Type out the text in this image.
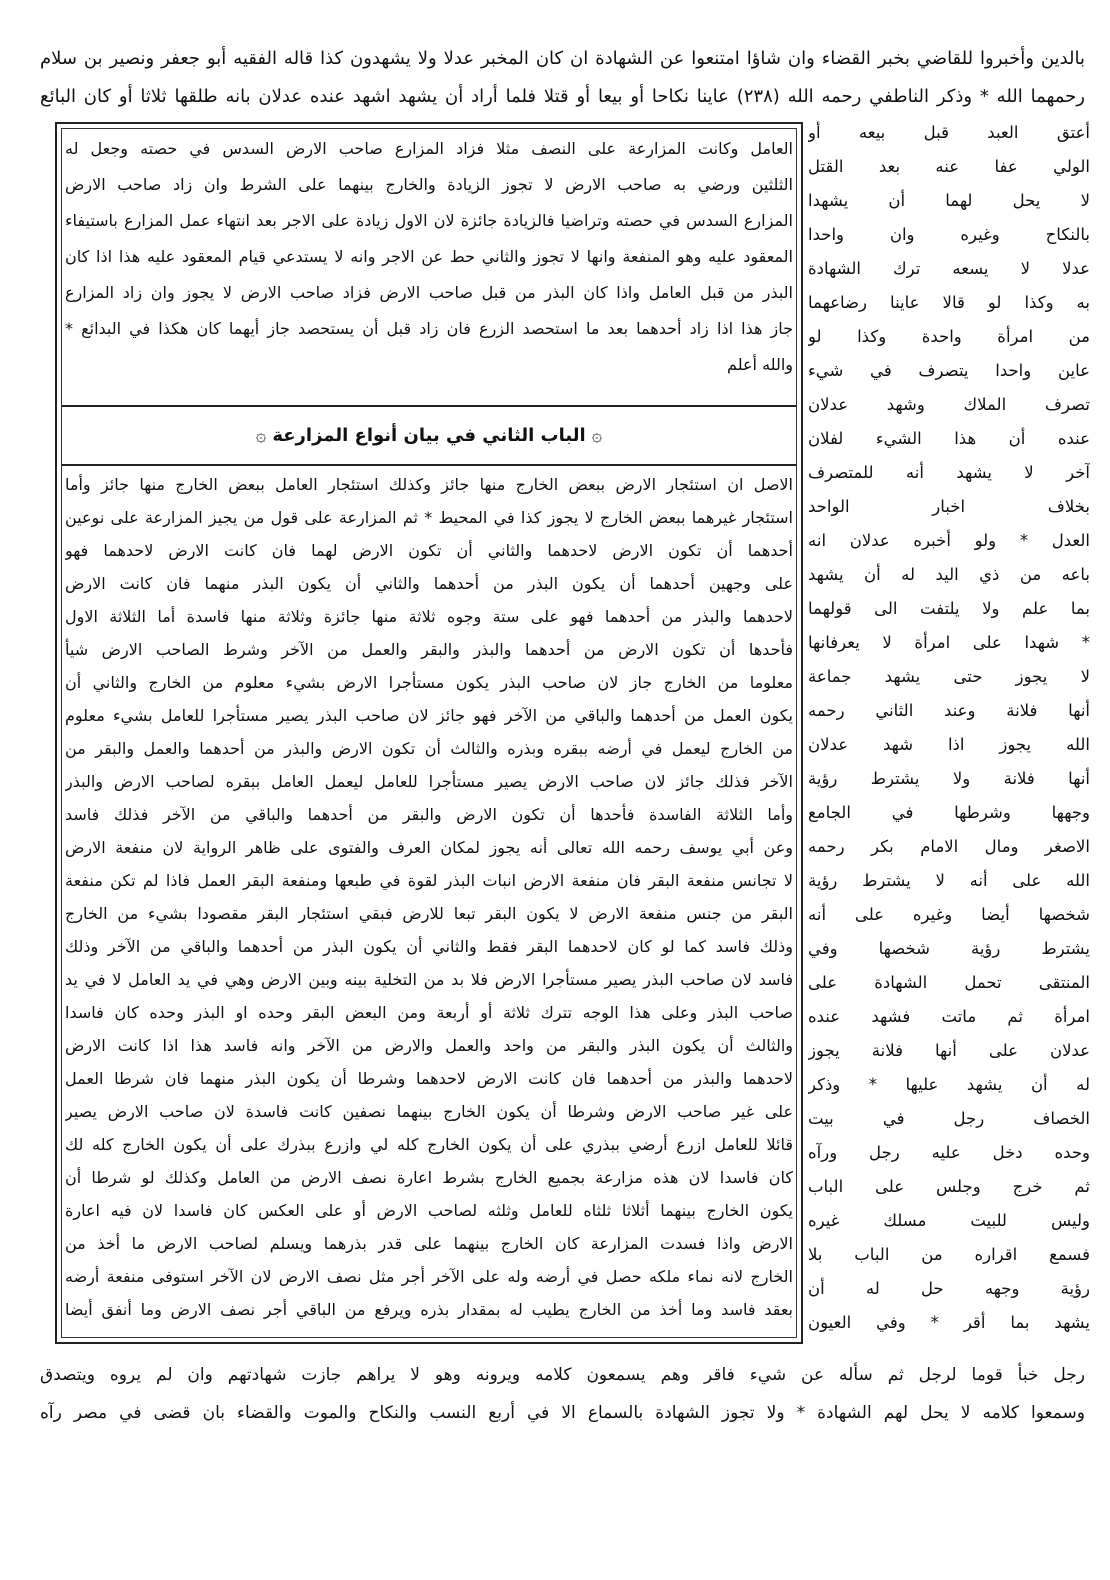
بالدين وأخبروا للقاضي بخبر القضاء وان شاؤا امتنعوا عن الشهادة ان كان المخبر عدلا ولا يشهدون كذا قاله الفقيه أبو جعفر ونصير بن سلام
رحمهما الله * وذكر الناطفي رحمه الله (٢٣٨) عاينا نكاحا أو بيعا أو قتلا فلما أراد أن يشهد اشهد عنده عدلان بانه طلقها ثلاثا أو كان البائع
العامل وكانت المزارعة على النصف مثلا فزاد المزارع صاحب الارض السدس في حصته وجعل له
الثلثين ورضي به صاحب الارض لا تجوز الزيادة والخارج بينهما على الشرط وان زاد صاحب الارض
المزارع السدس في حصته وتراضيا فالزيادة جائزة لان الاول زيادة على الاجر بعد انتهاء عمل المزارع باستيفاء
المعقود عليه وهو المنفعة وانها لا تجوز والثاني حط عن الاجر وانه لا يستدعي قيام المعقود عليه هذا اذا كان
البذر من قبل العامل واذا كان البذر من قبل صاحب الارض فزاد صاحب الارض لا يجوز وان زاد المزارع
جاز هذا اذا زاد أحدهما بعد ما استحصد الزرع فان زاد قبل أن يستحصد جاز أيهما كان هكذا في البدائع *
والله أعلم
۞الباب الثاني في بيان أنواع المزارعة۞
الاصل ان استئجار الارض ببعض الخارج منها جائز وكذلك استئجار العامل ببعض الخارج منها جائز وأما
استئجار غيرهما ببعض الخارج لا يجوز كذا في المحيط * ثم المزارعة على قول من يجيز المزارعة على نوعين
أحدهما أن تكون الارض لاحدهما والثاني أن تكون الارض لهما فان كانت الارض لاحدهما فهو
على وجهين أحدهما أن يكون البذر من أحدهما والثاني أن يكون البذر منهما فان كانت الارض
لاحدهما والبذر من أحدهما فهو على ستة وجوه ثلاثة منها جائزة وثلاثة منها فاسدة أما الثلاثة الاول
فأحدها أن تكون الارض من أحدهما والبذر والبقر والعمل من الآخر وشرط الصاحب الارض شيأ
معلوما من الخارج جاز لان صاحب البذر يكون مستأجرا الارض بشيء معلوم من الخارج والثاني أن
يكون العمل من أحدهما والباقي من الآخر فهو جائز لان صاحب البذر يصير مستأجرا للعامل بشيء معلوم
من الخارج ليعمل في أرضه ببقره وبذره والثالث أن تكون الارض والبذر من أحدهما والعمل والبقر من
الآخر فذلك جائز لان صاحب الارض يصير مستأجرا للعامل ليعمل العامل ببقره لصاحب الارض والبذر
وأما الثلاثة الفاسدة فأحدها أن تكون الارض والبقر من أحدهما والباقي من الآخر فذلك فاسد
وعن أبي يوسف رحمه الله تعالى أنه يجوز لمكان العرف والفتوى على ظاهر الرواية لان منفعة الارض
لا تجانس منفعة البقر فان منفعة الارض انبات البذر لقوة في طبعها ومنفعة البقر العمل فاذا لم تكن منفعة
البقر من جنس منفعة الارض لا يكون البقر تبعا للارض فبقي استئجار البقر مقصودا بشيء من الخارج
وذلك فاسد كما لو كان لاحدهما البقر فقط والثاني أن يكون البذر من أحدهما والباقي من الآخر وذلك
فاسد لان صاحب البذر يصير مستأجرا الارض فلا بد من التخلية بينه وبين الارض وهي في يد العامل لا في يد
صاحب البذر وعلى هذا الوجه تترك ثلاثة أو أربعة ومن البعض البقر وحده او البذر وحده كان فاسدا
والثالث أن يكون البذر والبقر من واحد والعمل والارض من الآخر وانه فاسد هذا اذا كانت الارض
لاحدهما والبذر من أحدهما فان كانت الارض لاحدهما وشرطا أن يكون البذر منهما فان شرطا العمل
على غير صاحب الارض وشرطا أن يكون الخارج بينهما نصفين كانت فاسدة لان صاحب الارض يصير
قائلا للعامل ازرع أرضي ببذري على أن يكون الخارج كله لي وازرع ببذرك على أن يكون الخارج كله لك
كان فاسدا لان هذه مزارعة بجميع الخارج بشرط اعارة نصف الارض من العامل وكذلك لو شرطا أن
يكون الخارج بينهما أثلاثا ثلثاه للعامل وثلثه لصاحب الارض أو على العكس كان فاسدا لان فيه اعارة
الارض واذا فسدت المزارعة كان الخارج بينهما على قدر بذرهما ويسلم لصاحب الارض ما أخذ من
الخارج لانه نماء ملكه حصل في أرضه وله على الآخر أجر مثل نصف الارض لان الآخر استوفى منفعة أرضه
بعقد فاسد وما أخذ من الخارج يطيب له بمقدار بذره ويرفع من الباقي أجر نصف الارض وما أنفق أيضا
أعتق العبد قبل بيعه أو
الولي عفا عنه بعد القتل
لا يحل لهما أن يشهدا
بالنكاح وغيره وان واحدا
عدلا لا يسعه ترك الشهادة
به وكذا لو قالا عاينا رضاعهما
من امرأة واحدة وكذا لو
عاين واحدا يتصرف في شيء
تصرف الملاك وشهد عدلان
عنده أن هذا الشيء لفلان
آخر لا يشهد أنه للمتصرف
بخلاف اخبار الواحد
العدل * ولو أخبره عدلان انه
باعه من ذي اليد له أن يشهد
بما علم ولا يلتفت الى قولهما
* شهدا على امرأة لا يعرفانها
لا يجوز حتى يشهد جماعة
أنها فلانة وعند الثاني رحمه
الله يجوز اذا شهد عدلان
أنها فلانة ولا يشترط رؤية
وجهها وشرطها في الجامع
الاصغر ومال الامام بكر رحمه
الله على أنه لا يشترط رؤية
شخصها أيضا وغيره على أنه
يشترط رؤية شخصها وفي
المنتقى تحمل الشهادة على
امرأة ثم ماتت فشهد عنده
عدلان على أنها فلانة يجوز
له أن يشهد عليها * وذكر
الخصاف رجل في بيت
وحده دخل عليه رجل ورآه
ثم خرج وجلس على الباب
وليس للبيت مسلك غيره
فسمع اقراره من الباب بلا
رؤية وجهه حل له أن
يشهد بما أقر * وفي العيون
رجل خبأ قوما لرجل ثم سأله عن شيء فاقر وهم يسمعون كلامه ويرونه وهو لا يراهم جازت شهادتهم وان لم يروه ويتصدق
وسمعوا كلامه لا يحل لهم الشهادة * ولا تجوز الشهادة بالسماع الا في أربع النسب والنكاح والموت والقضاء بان قضى في مصر رآه
